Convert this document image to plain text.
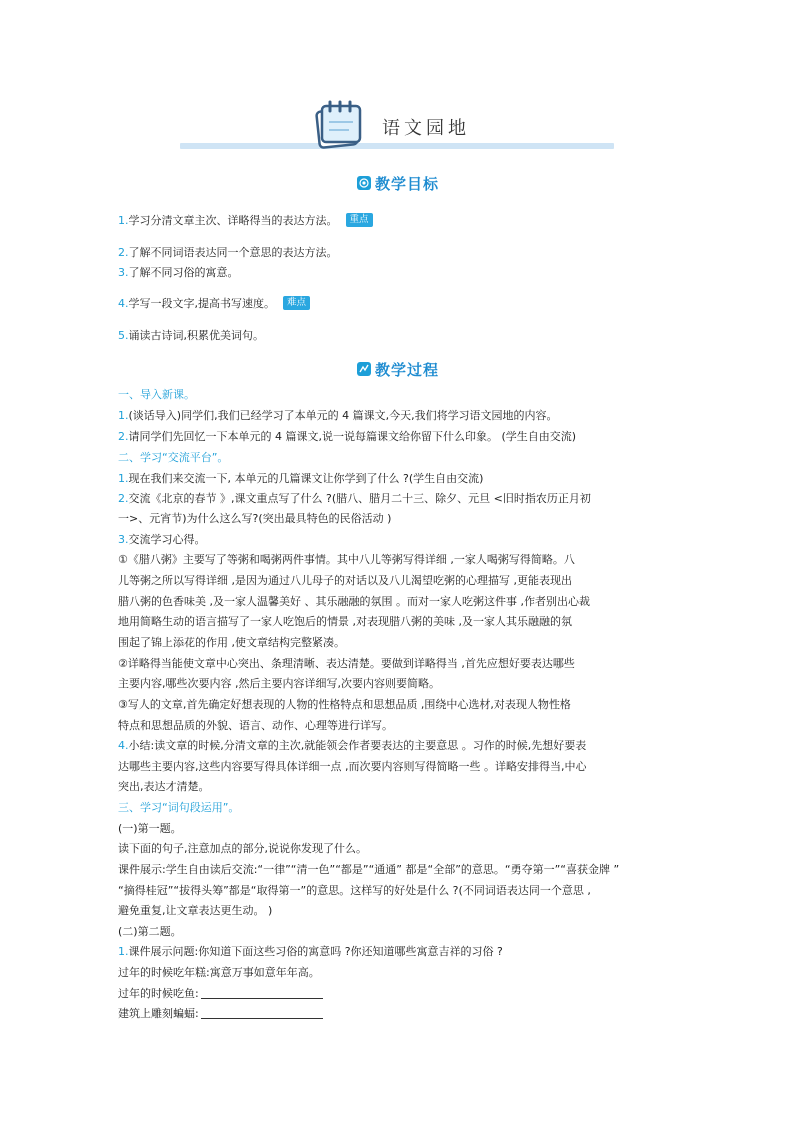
语文园地
教学目标
1. 学习分清文章主次、详略得当的表达方法。	重点
2. 了解不同词语表达同一个意思的表达方法。
3. 了解不同习俗的寓意。
4. 学写一段文字,提高书写速度。	难点
5. 诵读古诗词,积累优美词句。
教学过程
一、导入新课。
1.(谈话导入)同学们,我们已经学习了本单元的 4 篇课文,今天,我们将学习语文园地的内容。
2.请同学们先回忆一下本单元的 4 篇课文,说一说每篇课文给你留下什么印象。 (学生自由交流)
二、学习“交流平台”。
1.现在我们来交流一下, 本单元的几篇课文让你学到了什么 ?(学生自由交流)
2.交流《北京的春节 》,课文重点写了什么 ?(腊八、腊月二十三、除夕、元旦 <旧时指农历正月初
一>、元宵节)为什么这么写?(突出最具特色的民俗活动 )
3.交流学习心得。
①《腊八粥》主要写了等粥和喝粥两件事情。其中八儿等粥写得详细 ,一家人喝粥写得简略。八
儿等粥之所以写得详细 ,是因为通过八儿母子的对话以及八儿渴望吃粥的心理描写 ,更能表现出
腊八粥的色香味美 ,及一家人温馨美好 、其乐融融的氛围 。而对一家人吃粥这件事 ,作者别出心裁
地用简略生动的语言描写了一家人吃饱后的情景 ,对表现腊八粥的美味 ,及一家人其乐融融的氛
围起了锦上添花的作用 ,使文章结构完整紧凑。
②详略得当能使文章中心突出、条理清晰、表达清楚。要做到详略得当 ,首先应想好要表达哪些
主要内容,哪些次要内容 ,然后主要内容详细写,次要内容则要简略。
③写人的文章,首先确定好想表现的人物的性格特点和思想品质 ,围绕中心选材,对表现人物性格
特点和思想品质的外貌、语言、动作、心理等进行详写。
4.小结:读文章的时候,分清文章的主次,就能领会作者要表达的主要意思 。习作的时候,先想好要表
达哪些主要内容,这些内容要写得具体详细一点 ,而次要内容则写得简略一些 。详略安排得当,中心
突出,表达才清楚。
三、学习“词句段运用”。
(一)第一题。
读下面的句子,注意加点的部分,说说你发现了什么。
课件展示:学生自由读后交流:“一律”“清一色”“都是”“通通” 都是“全部”的意思。“勇夺第一”“喜获金牌 ”
“摘得桂冠”“拔得头筹”都是“取得第一”的意思。这样写的好处是什么 ?(不同词语表达同一个意思 ,
避免重复,让文章表达更生动。 )
(二)第二题。
1.课件展示问题:你知道下面这些习俗的寓意吗 ?你还知道哪些寓意吉祥的习俗 ?
过年的时候吃年糕:寓意万事如意年年高。
过年的时候吃鱼:
建筑上雕刻蝙蝠:
